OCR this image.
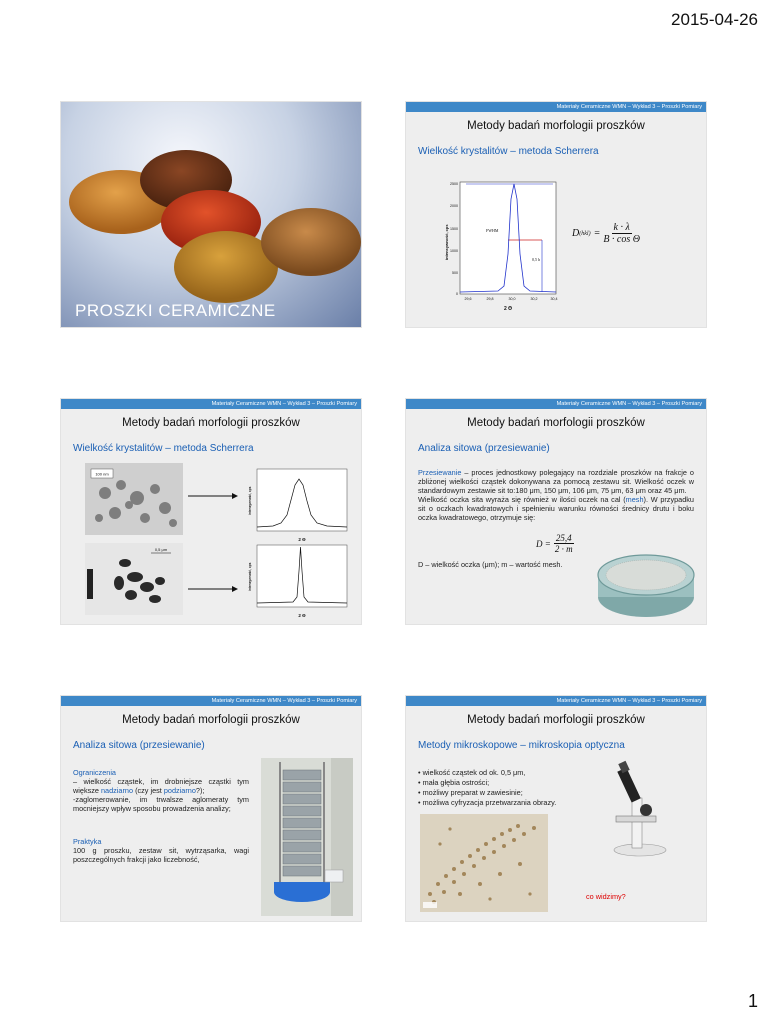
2015-04-26
PROSZKI CERAMICZNE
Materiały Ceramiczne WMN – Wykład 3 – Proszki Pomiary
Metody badań morfologii proszków
Wielkość krystalitów – metoda Scherrera
FWHM
0,5 h
2500
2000
1500
1000
500
0
29,6	29,8	30,0	30,2	30,4
2 Θ
intensywność, cps	D $(hkl) = \frac{k \cdot \lambda}{\text{B · cos Θ}}$
Materiały Ceramiczne WMN – Wykład 3 – Proszki Pomiary
Metody badań morfologii proszków
Wielkość krystalitów – metoda Scherrera
100 nm
0,5 μm
2 Θ
intensywność, cps
2 Θ
intensywność, cps
Materiały Ceramiczne WMN – Wykład 3 – Proszki Pomiary
Metody badań morfologii proszków
Analiza sitowa (przesiewanie)
Przesiewanie – proces jednostkowy polegający na rozdziale proszków na frakcje o zbliżonej wielkości cząstek dokonywana za pomocą zestawu sit. Wielkość oczek w standardowym zestawie sit to:180 μm, 150 μm, 106 μm, 75 μm, 63 μm oraz 45 μm.
Wielkość oczka sita wyraża się również w ilości oczek na cal (mesh). W przypadku sit o oczkach kwadratowych i spełnieniu warunku równości średnicy drutu i boku oczka kwadratowego, otrzymuje się:
$D = \frac{25,4}{2 \cdot m}$
D – wielkość oczka (μm); m – wartość mesh.
Materiały Ceramiczne WMN – Wykład 3 – Proszki Pomiary
Metody badań morfologii proszków
Analiza sitowa (przesiewanie)
Ograniczenia
– wielkość cząstek, im drobniejsze cząstki tym większe nadziarno (czy jest podziarno?);
-zaglomerowanie, im trwalsze aglomeraty tym mocniejszy wpływ sposobu prowadzenia analizy;
Praktyka
100 g proszku, zestaw sit, wytrząsarka, wagi poszczególnych frakcji jako liczebność,
Materiały Ceramiczne WMN – Wykład 3 – Proszki Pomiary
Metody badań morfologii proszków
Metody mikroskopowe – mikroskopia optyczna
• wielkość cząstek od ok. 0,5 μm,
• mała głębia ostrości;
• możliwy preparat w zawiesinie;
• możliwa cyfryzacja przetwarzania obrazy.
co widzimy?
1
